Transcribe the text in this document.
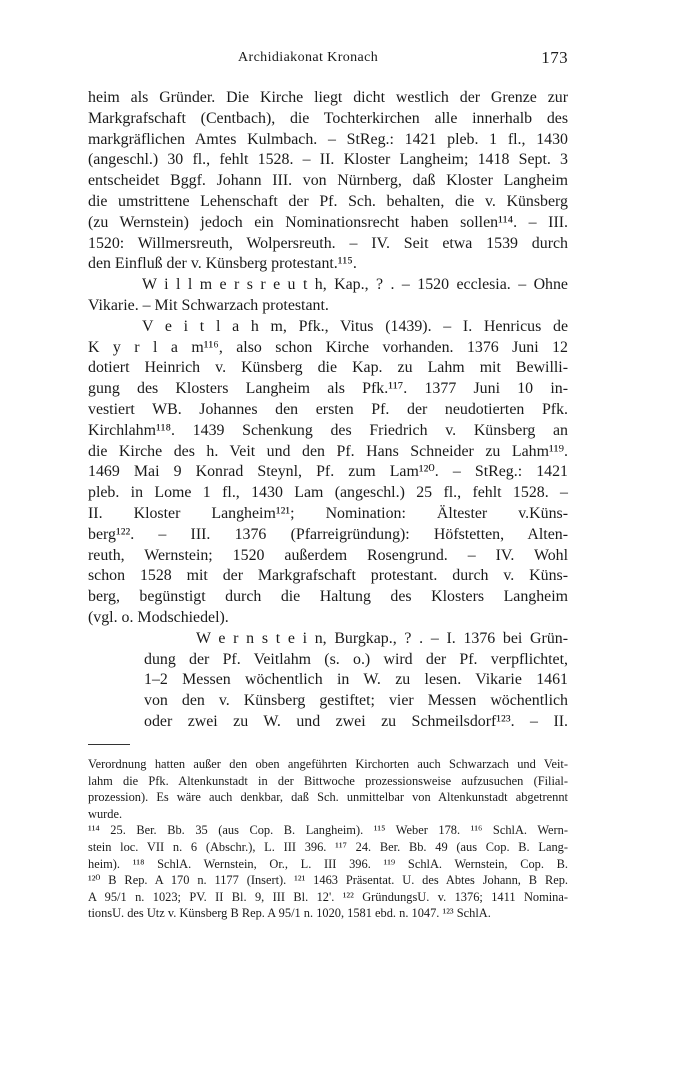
Archidiakonat Kronach	173
heim als Gründer. Die Kirche liegt dicht westlich der Grenze zur
Markgrafschaft (Centbach), die Tochterkirchen alle innerhalb des
markgräflichen Amtes Kulmbach. – StReg.: 1421 pleb. 1 fl., 1430
(angeschl.) 30 fl., fehlt 1528. – II. Kloster Langheim; 1418 Sept. 3
entscheidet Bggf. Johann III. von Nürnberg, daß Kloster Langheim
die umstrittene Lehenschaft der Pf. Sch. behalten, die v. Künsberg
(zu Wernstein) jedoch ein Nominationsrecht haben sollen¹¹⁴. – III.
1520: Willmersreuth, Wolpersreuth. – IV. Seit etwa 1539 durch
den Einfluß der v. Künsberg protestant.¹¹⁵.
W i l l m e r s r e u t h, Kap., ? . – 1520 ecclesia. – Ohne
Vikarie. – Mit Schwarzach protestant.
V e i t l a h m, Pfk., Vitus (1439). – I. Henricus de
K y r l a m¹¹⁶, also schon Kirche vorhanden. 1376 Juni 12
dotiert Heinrich v. Künsberg die Kap. zu Lahm mit Bewilli-
gung des Klosters Langheim als Pfk.¹¹⁷. 1377 Juni 10 in-
vestiert WB. Johannes den ersten Pf. der neudotierten Pfk.
Kirchlahm¹¹⁸. 1439 Schenkung des Friedrich v. Künsberg an
die Kirche des h. Veit und den Pf. Hans Schneider zu Lahm¹¹⁹.
1469 Mai 9 Konrad Steynl, Pf. zum Lam¹²⁰. – StReg.: 1421
pleb. in Lome 1 fl., 1430 Lam (angeschl.) 25 fl., fehlt 1528. –
II. Kloster Langheim¹²¹; Nomination: Ältester v.Küns-
berg¹²². – III. 1376 (Pfarreigründung): Höfstetten, Alten-
reuth, Wernstein; 1520 außerdem Rosengrund. – IV. Wohl
schon 1528 mit der Markgrafschaft protestant. durch v. Küns-
berg, begünstigt durch die Haltung des Klosters Langheim
(vgl. o. Modschiedel).
W e r n s t e i n, Burgkap., ? . – I. 1376 bei Grün-
dung der Pf. Veitlahm (s. o.) wird der Pf. verpflichtet,
1–2 Messen wöchentlich in W. zu lesen. Vikarie 1461
von den v. Künsberg gestiftet; vier Messen wöchentlich
oder zwei zu W. und zwei zu Schmeilsdorf¹²³. – II.
Verordnung hatten außer den oben angeführten Kirchorten auch Schwarzach und Veit-
lahm die Pfk. Altenkunstadt in der Bittwoche prozessionsweise aufzusuchen (Filial-
prozession). Es wäre auch denkbar, daß Sch. unmittelbar von Altenkunstadt abgetrennt
wurde.
¹¹⁴ 25. Ber. Bb. 35 (aus Cop. B. Langheim). ¹¹⁵ Weber 178. ¹¹⁶ SchlA. Wern-
stein loc. VII n. 6 (Abschr.), L. III 396. ¹¹⁷ 24. Ber. Bb. 49 (aus Cop. B. Lang-
heim). ¹¹⁸ SchlA. Wernstein, Or., L. III 396. ¹¹⁹ SchlA. Wernstein, Cop. B.
¹²⁰ B Rep. A 170 n. 1177 (Insert). ¹²¹ 1463 Präsentat. U. des Abtes Johann, B Rep.
A 95/1 n. 1023; PV. II Bl. 9, III Bl. 12'. ¹²² GründungsU. v. 1376; 1411 Nomina-
tionsU. des Utz v. Künsberg B Rep. A 95/1 n. 1020, 1581 ebd. n. 1047. ¹²³ SchlA.
